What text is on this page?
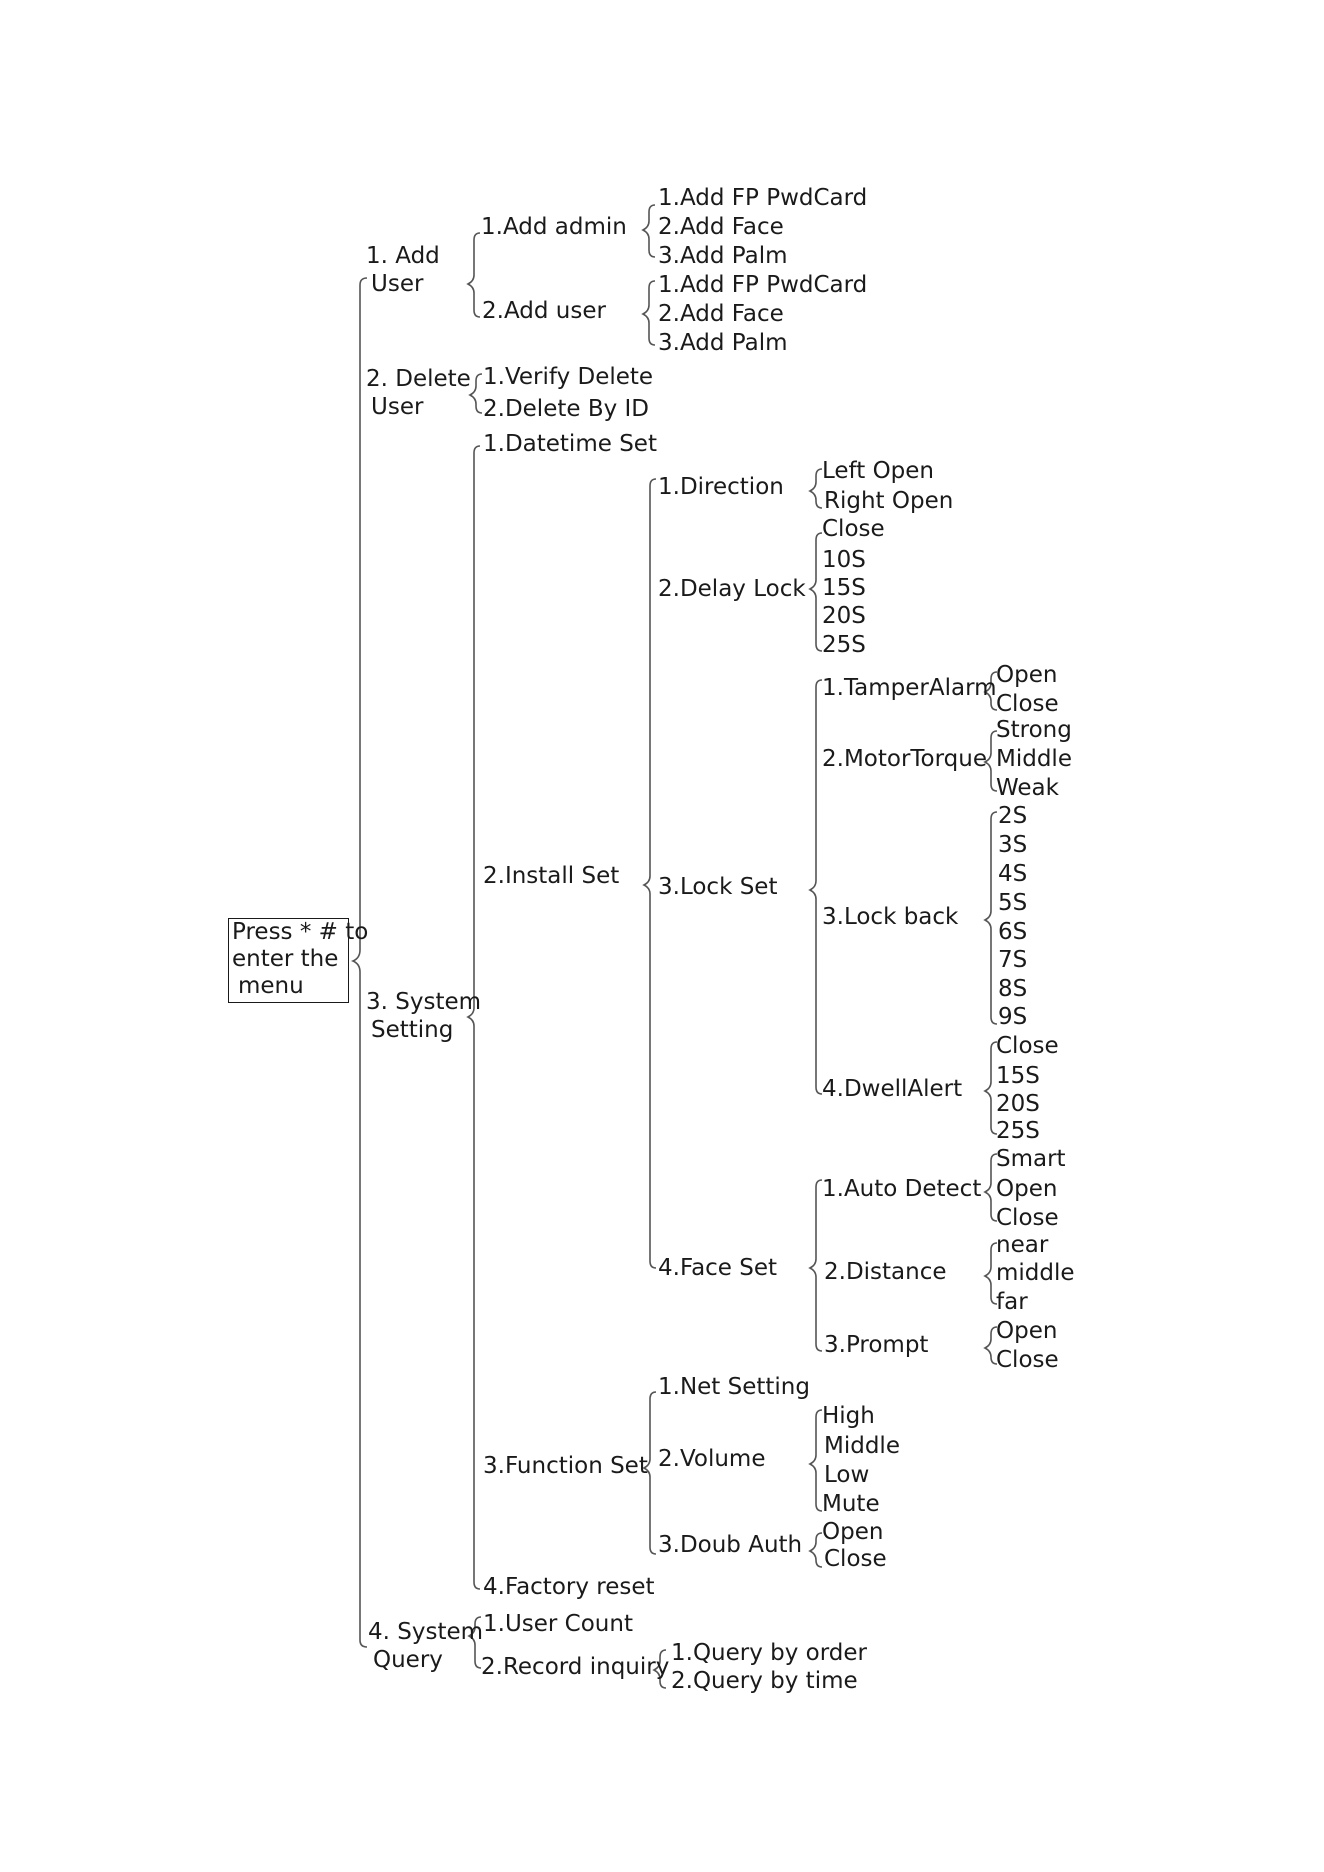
Press * # to
enter the
menu
1. Add
User
2. Delete
User
3. System
Setting
4. System
Query
1.Add admin
2.Add user
1.Add FP PwdCard
2.Add Face
3.Add Palm
1.Add FP PwdCard
2.Add Face
3.Add Palm
1.Verify Delete
2.Delete By ID
1.Datetime Set
2.Install Set
3.Function Set
4.Factory reset
1.Direction
2.Delay Lock
3.Lock Set
4.Face Set
Left Open
Right Open
Close
10S
15S
20S
25S
1.TamperAlarm
2.MotorTorque
3.Lock back
4.DwellAlert
Open
Close
Strong
Middle
Weak
2S
3S
4S
5S
6S
7S
8S
9S
Close
15S
20S
25S
1.Auto Detect
2.Distance
3.Prompt
Smart
Open
Close
near
middle
far
Open
Close
1.Net Setting
2.Volume
3.Doub Auth
High
Middle
Low
Mute
Open
Close
1.User Count
2.Record inquiry
1.Query by order
2.Query by time
